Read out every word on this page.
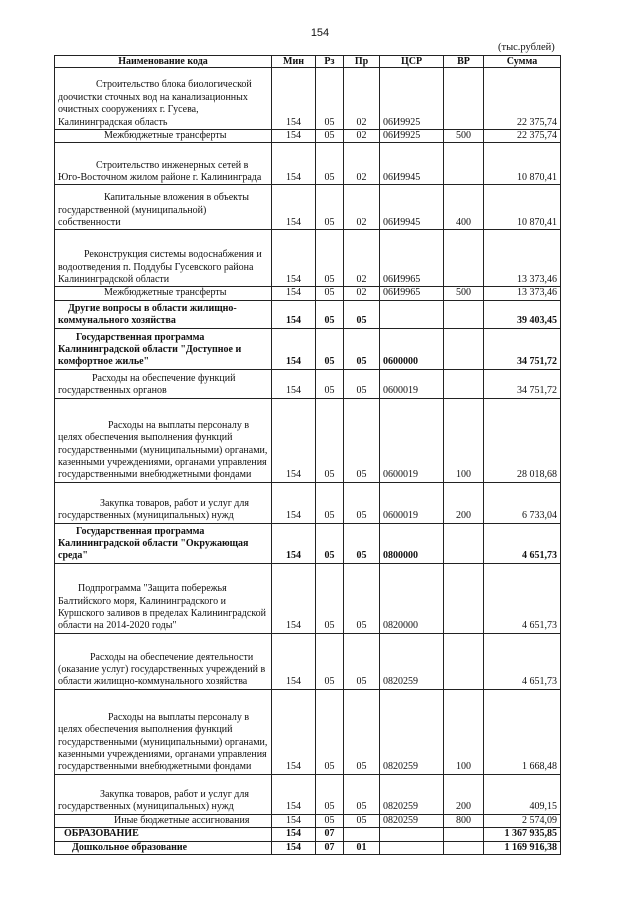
154
(тыс.рублей)
Наименование кода	Мин	Рз	Пр	ЦСР	ВР	Сумма

Строительство блока биологической доочистки сточных вод на канализационных очистных сооружениях г. Гусева, Калининградская область	154	05	02	06И9925		22 375,74

Межбюджетные трансферты	154	05	02	06И9925	500	22 375,74

Строительство инженерных сетей в Юго-Восточном жилом районе г. Калининграда	154	05	02	06И9945		10 870,41

Капитальные вложения в объекты государственной (муниципальной) собственности	154	05	02	06И9945	400	10 870,41

Реконструкция системы водоснабжения и водоотведения п. Поддубы Гусевского района Калининградской области	154	05	02	06И9965		13 373,46

Межбюджетные трансферты	154	05	02	06И9965	500	13 373,46

Другие вопросы в области жилищно-коммунального хозяйства	154	05	05			39 403,45

Государственная программа Калининградской области "Доступное и комфортное жилье"	154	05	05	0600000		34 751,72

Расходы на обеспечение функций государственных органов	154	05	05	0600019		34 751,72

Расходы на выплаты персоналу в целях обеспечения выполнения функций государственными (муниципальными) органами, казенными учреждениями, органами управления государственными внебюджетными фондами	154	05	05	0600019	100	28 018,68

Закупка товаров, работ и услуг для государственных (муниципальных) нужд	154	05	05	0600019	200	6 733,04

Государственная программа Калининградской области "Окружающая среда"	154	05	05	0800000		4 651,73

Подпрограмма "Защита побережья Балтийского моря, Калининградского и Куршского заливов в пределах Калининградской области на 2014-2020 годы"	154	05	05	0820000		4 651,73

Расходы на обеспечение деятельности (оказание услуг) государственных учреждений в области жилищно-коммунального хозяйства	154	05	05	0820259		4 651,73

Расходы на выплаты персоналу в целях обеспечения выполнения функций государственными (муниципальными) органами, казенными учреждениями, органами управления государственными внебюджетными фондами	154	05	05	0820259	100	1 668,48

Закупка товаров, работ и услуг для государственных (муниципальных) нужд	154	05	05	0820259	200	409,15

Иные бюджетные ассигнования	154	05	05	0820259	800	2 574,09

ОБРАЗОВАНИЕ	154	07				1 367 935,85

Дошкольное образование	154	07	01			1 169 916,38
